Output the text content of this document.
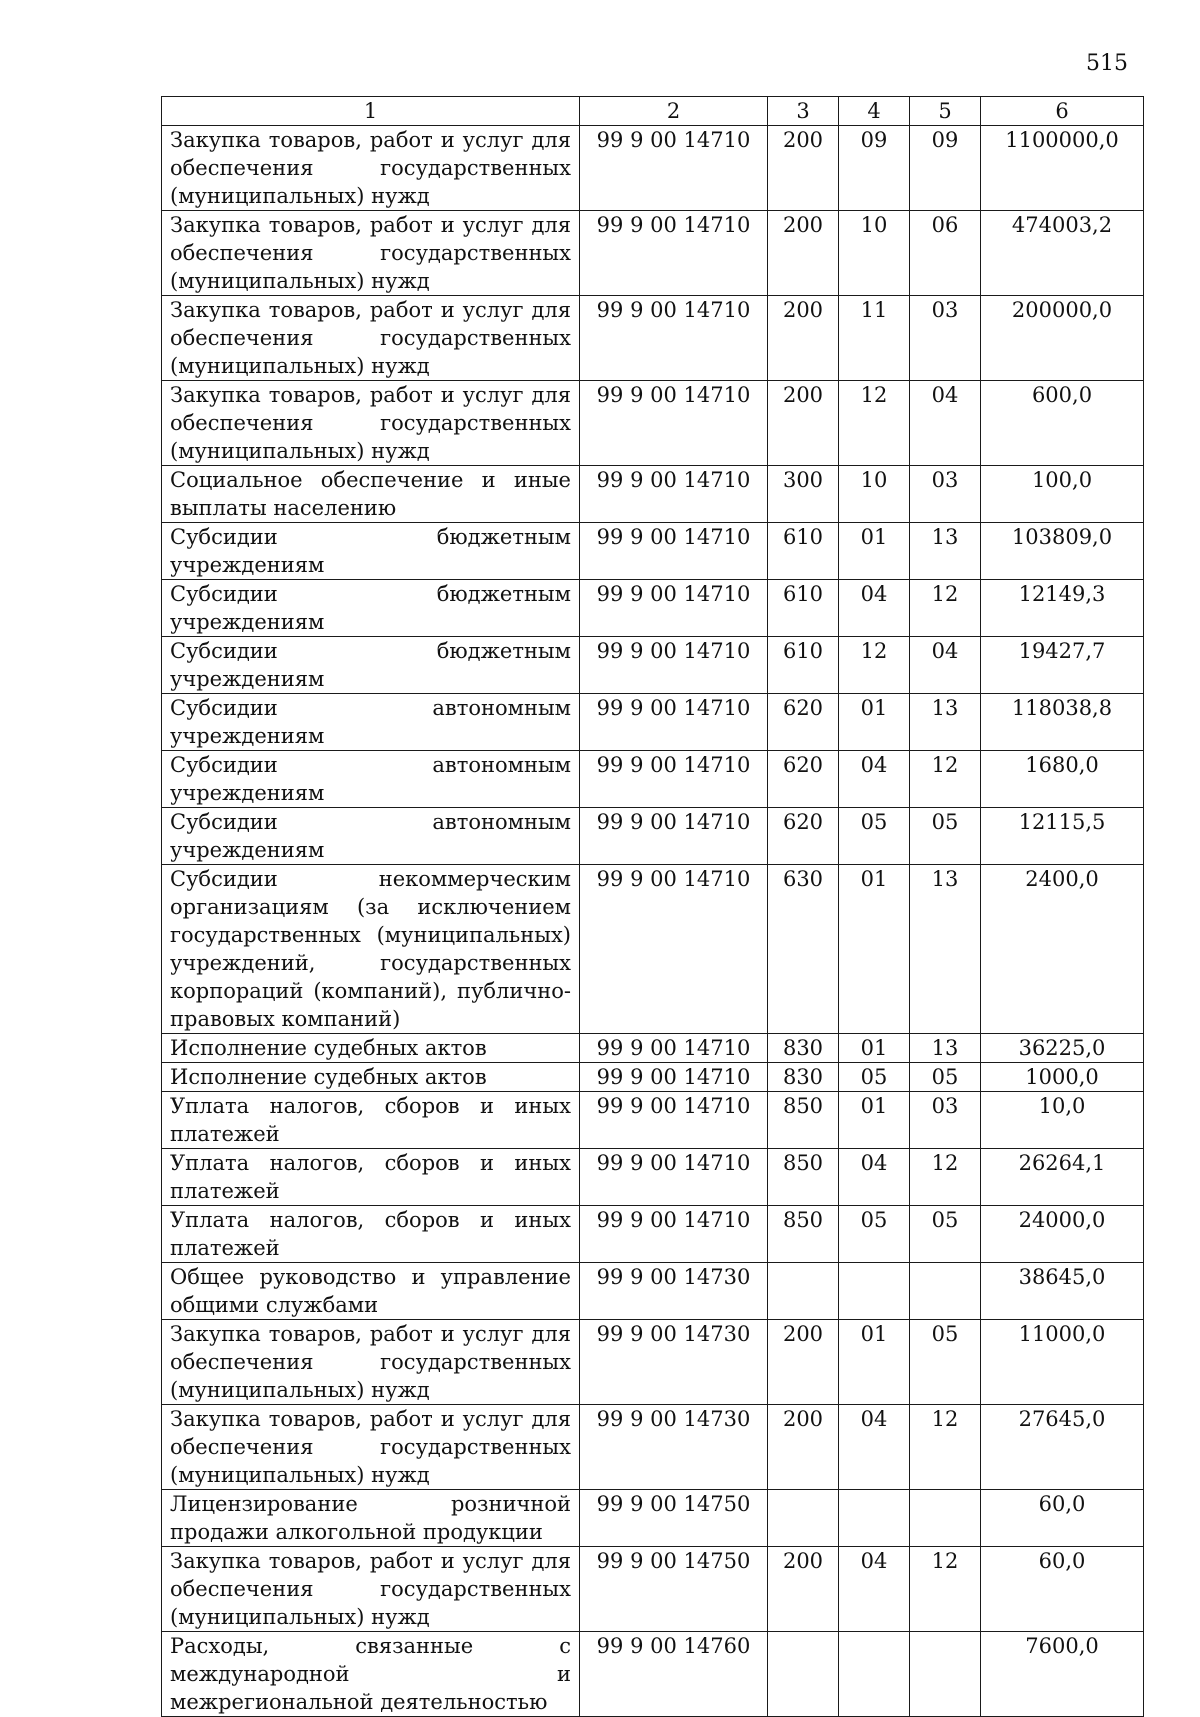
515
1	2	3	4	5	6
Закупка товаров, работ и услуг для обеспечения государственных (муниципальных) нужд	99 9 00 14710	200	09	09	1100000,0
Закупка товаров, работ и услуг для обеспечения государственных (муниципальных) нужд	99 9 00 14710	200	10	06	474003,2
Закупка товаров, работ и услуг для обеспечения государственных (муниципальных) нужд	99 9 00 14710	200	11	03	200000,0
Закупка товаров, работ и услуг для обеспечения государственных (муниципальных) нужд	99 9 00 14710	200	12	04	600,0
Социальное обеспечение и иные выплаты населению	99 9 00 14710	300	10	03	100,0
Субсидии бюджетным учреждениям	99 9 00 14710	610	01	13	103809,0
Субсидии бюджетным учреждениям	99 9 00 14710	610	04	12	12149,3
Субсидии бюджетным учреждениям	99 9 00 14710	610	12	04	19427,7
Субсидии автономным учреждениям	99 9 00 14710	620	01	13	118038,8
Субсидии автономным учреждениям	99 9 00 14710	620	04	12	1680,0
Субсидии автономным учреждениям	99 9 00 14710	620	05	05	12115,5
Субсидии некоммерческим организациям (за исключением государственных (муниципальных) учреждений, государственных корпораций (компаний), публично-правовых компаний)	99 9 00 14710	630	01	13	2400,0
Исполнение судебных актов	99 9 00 14710	830	01	13	36225,0
Исполнение судебных актов	99 9 00 14710	830	05	05	1000,0
Уплата налогов, сборов и иных платежей	99 9 00 14710	850	01	03	10,0
Уплата налогов, сборов и иных платежей	99 9 00 14710	850	04	12	26264,1
Уплата налогов, сборов и иных платежей	99 9 00 14710	850	05	05	24000,0
Общее руководство и управление общими службами	99 9 00 14730				38645,0
Закупка товаров, работ и услуг для обеспечения государственных (муниципальных) нужд	99 9 00 14730	200	01	05	11000,0
Закупка товаров, работ и услуг для обеспечения государственных (муниципальных) нужд	99 9 00 14730	200	04	12	27645,0
Лицензирование розничной продажи алкогольной продукции	99 9 00 14750				60,0
Закупка товаров, работ и услуг для обеспечения государственных (муниципальных) нужд	99 9 00 14750	200	04	12	60,0
Расходы, связанные с международной и межрегиональной деятельностью	99 9 00 14760				7600,0
